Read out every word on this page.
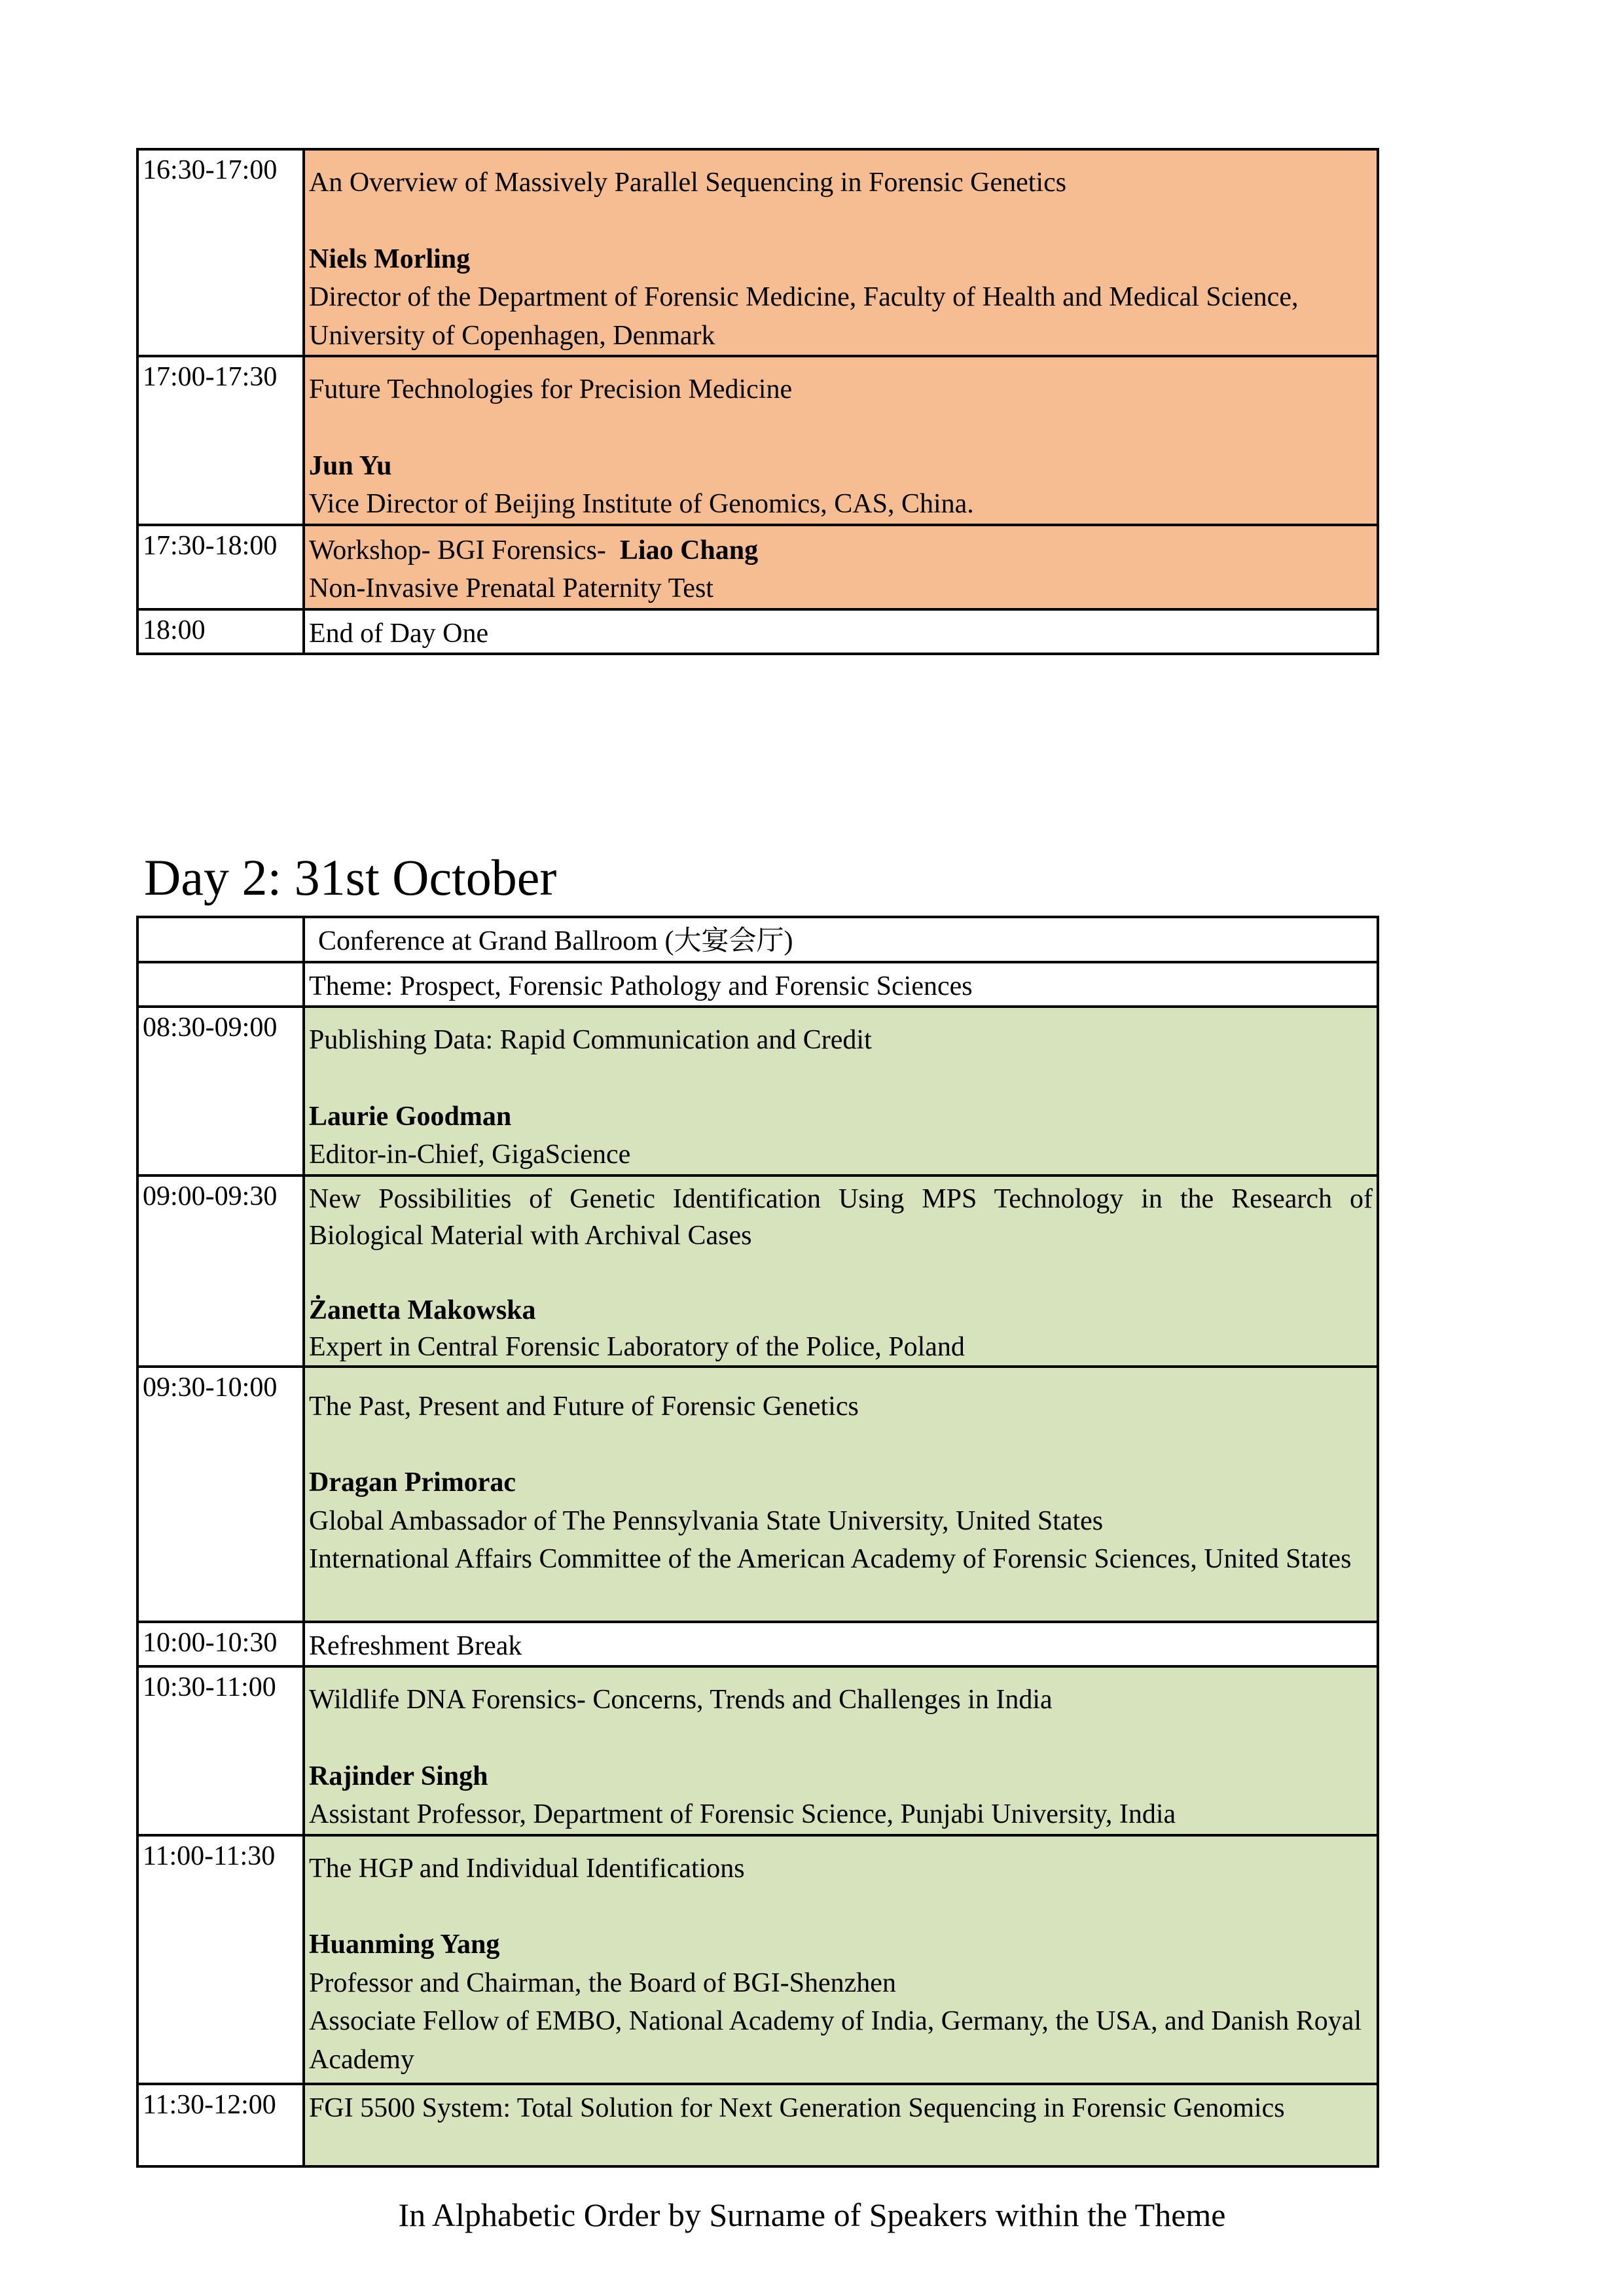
16:30-17:00	An Overview of Massively Parallel Sequencing in Forensic Genetics
Niels Morling
Director of the Department of Forensic Medicine, Faculty of Health and Medical Science, University of Copenhagen, Denmark

17:00-17:30	Future Technologies for Precision Medicine
Jun Yu
Vice Director of Beijing Institute of Genomics, CAS, China.

17:30-18:00	Workshop- BGI Forensics- Liao Chang
Non-Invasive Prenatal Paternity Test

18:00	End of Day One
Day 2: 31st October

	Conference at Grand Ballroom (大宴会厅)

	Theme: Prospect, Forensic Pathology and Forensic Sciences

08:30-09:00	Publishing Data: Rapid Communication and Credit
Laurie Goodman
Editor-in-Chief, GigaScience

09:00-09:30	New Possibilities of Genetic Identification Using MPS Technology in the Research of Biological Material with Archival Cases
Żanetta Makowska
Expert in Central Forensic Laboratory of the Police, Poland

09:30-10:00	The Past, Present and Future of Forensic Genetics
Dragan Primorac
Global Ambassador of The Pennsylvania State University, United States
International Affairs Committee of the American Academy of Forensic Sciences, United States

10:00-10:30	Refreshment Break

10:30-11:00	Wildlife DNA Forensics- Concerns, Trends and Challenges in India
Rajinder Singh
Assistant Professor, Department of Forensic Science, Punjabi University, India

11:00-11:30	The HGP and Individual Identifications
Huanming Yang
Professor and Chairman, the Board of BGI-Shenzhen
Associate Fellow of EMBO, National Academy of India, Germany, the USA, and Danish Royal Academy

11:30-12:00	FGI 5500 System: Total Solution for Next Generation Sequencing in Forensic Genomics
In Alphabetic Order by Surname of Speakers within the Theme
